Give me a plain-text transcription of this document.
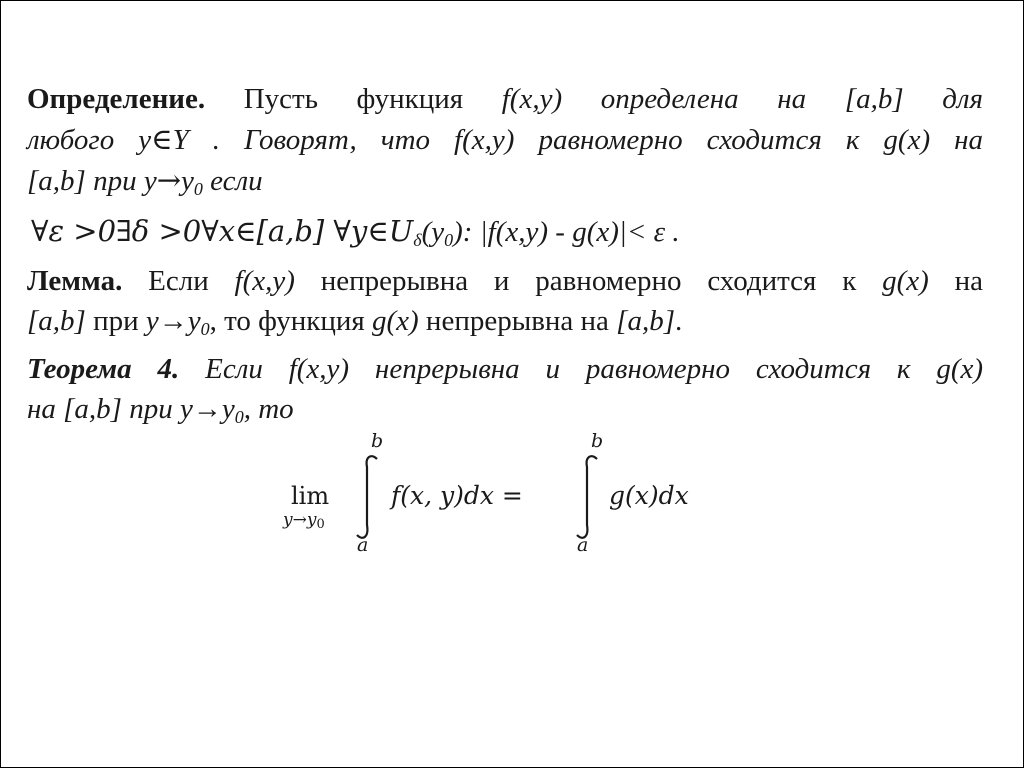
Определение. Пусть функция f(x,y) определена на [a,b] для
любого y∈Y . Говорят, что f(x,y) равномерно сходится к g(x) на
[a,b] при $y\to y_0$ если
∀ε >0∃δ >0∀x∈[a,b] $\forall y\in U_\delta(y_0)$: |f(x,y) - g(x)|< ε .
Лемма. Если f(x,y) непрерывна и равномерно сходится к g(x) на
[a,b] при $y\to y_0$, то функция g(x) непрерывна на [a,b].
Теорема 4. Если f(x,y) непрерывна и равномерно сходится к g(x)
на [a,b] при $y\to y_0$, то
lim
y→y0
b
a
f(x, y)dx =
b
a
g(x)dx
